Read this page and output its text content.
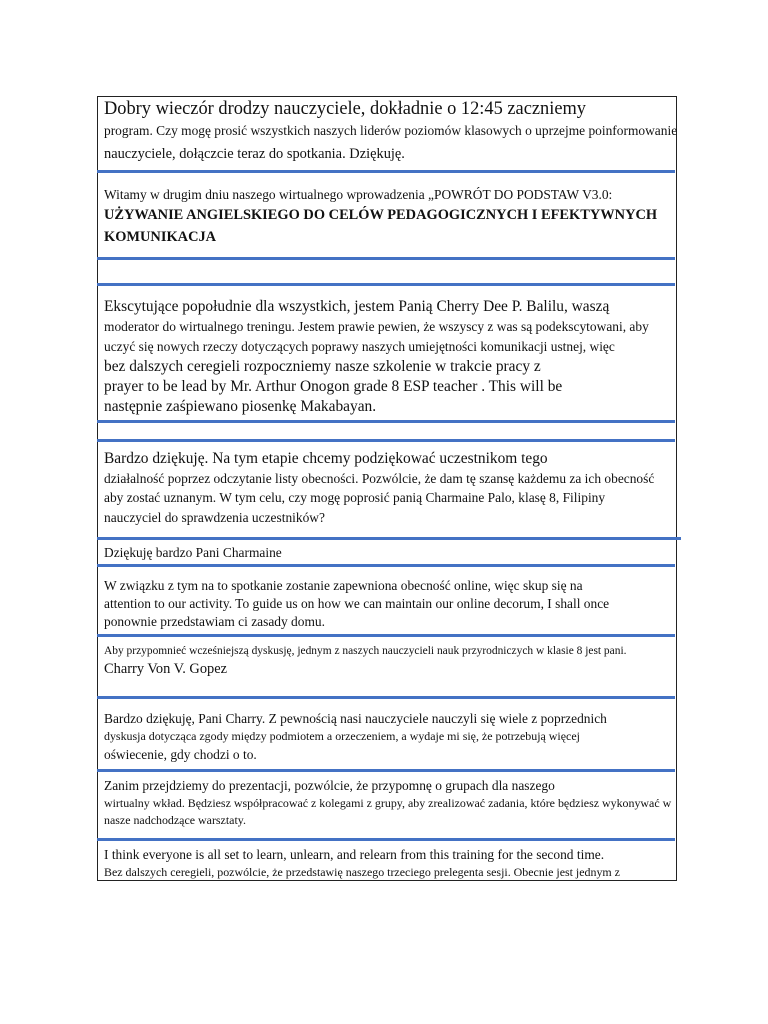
Dobry wieczór drodzy nauczyciele, dokładnie o 12:45 zaczniemy
program. Czy mogę prosić wszystkich naszych liderów poziomów klasowych o uprzejme poinformowanie
nauczyciele, dołączcie teraz do spotkania. Dziękuję.
Witamy w drugim dniu naszego wirtualnego wprowadzenia „POWRÓT DO PODSTAW V3.0:
UŻYWANIE ANGIELSKIEGO DO CELÓW PEDAGOGICZNYCH I EFEKTYWNYCH
KOMUNIKACJA
Ekscytujące popołudnie dla wszystkich, jestem Panią Cherry Dee P. Balilu, waszą
moderator do wirtualnego treningu. Jestem prawie pewien, że wszyscy z was są podekscytowani, aby
uczyć się nowych rzeczy dotyczących poprawy naszych umiejętności komunikacji ustnej, więc
bez dalszych ceregieli rozpoczniemy nasze szkolenie w trakcie pracy z
prayer to be lead by Mr. Arthur Onogon grade 8 ESP teacher . This will be
następnie zaśpiewano piosenkę Makabayan.
Bardzo dziękuję. Na tym etapie chcemy podziękować uczestnikom tego
działalność poprzez odczytanie listy obecności. Pozwólcie, że dam tę szansę każdemu za ich obecność
aby zostać uznanym. W tym celu, czy mogę poprosić panią Charmaine Palo, klasę 8, Filipiny
nauczyciel do sprawdzenia uczestników?
Dziękuję bardzo Pani Charmaine
W związku z tym na to spotkanie zostanie zapewniona obecność online, więc skup się na
attention to our activity. To guide us on how we can maintain our online decorum, I shall once
ponownie przedstawiam ci zasady domu.
Aby przypomnieć wcześniejszą dyskusję, jednym z naszych nauczycieli nauk przyrodniczych w klasie 8 jest pani.
Charry Von V. Gopez
Bardzo dziękuję, Pani Charry. Z pewnością nasi nauczyciele nauczyli się wiele z poprzednich
dyskusja dotycząca zgody między podmiotem a orzeczeniem, a wydaje mi się, że potrzebują więcej
oświecenie, gdy chodzi o to.
Zanim przejdziemy do prezentacji, pozwólcie, że przypomnę o grupach dla naszego
wirtualny wkład. Będziesz współpracować z kolegami z grupy, aby zrealizować zadania, które będziesz wykonywać w
nasze nadchodzące warsztaty.
I think everyone is all set to learn, unlearn, and relearn from this training for the second time.
Bez dalszych ceregieli, pozwólcie, że przedstawię naszego trzeciego prelegenta sesji. Obecnie jest jednym z
